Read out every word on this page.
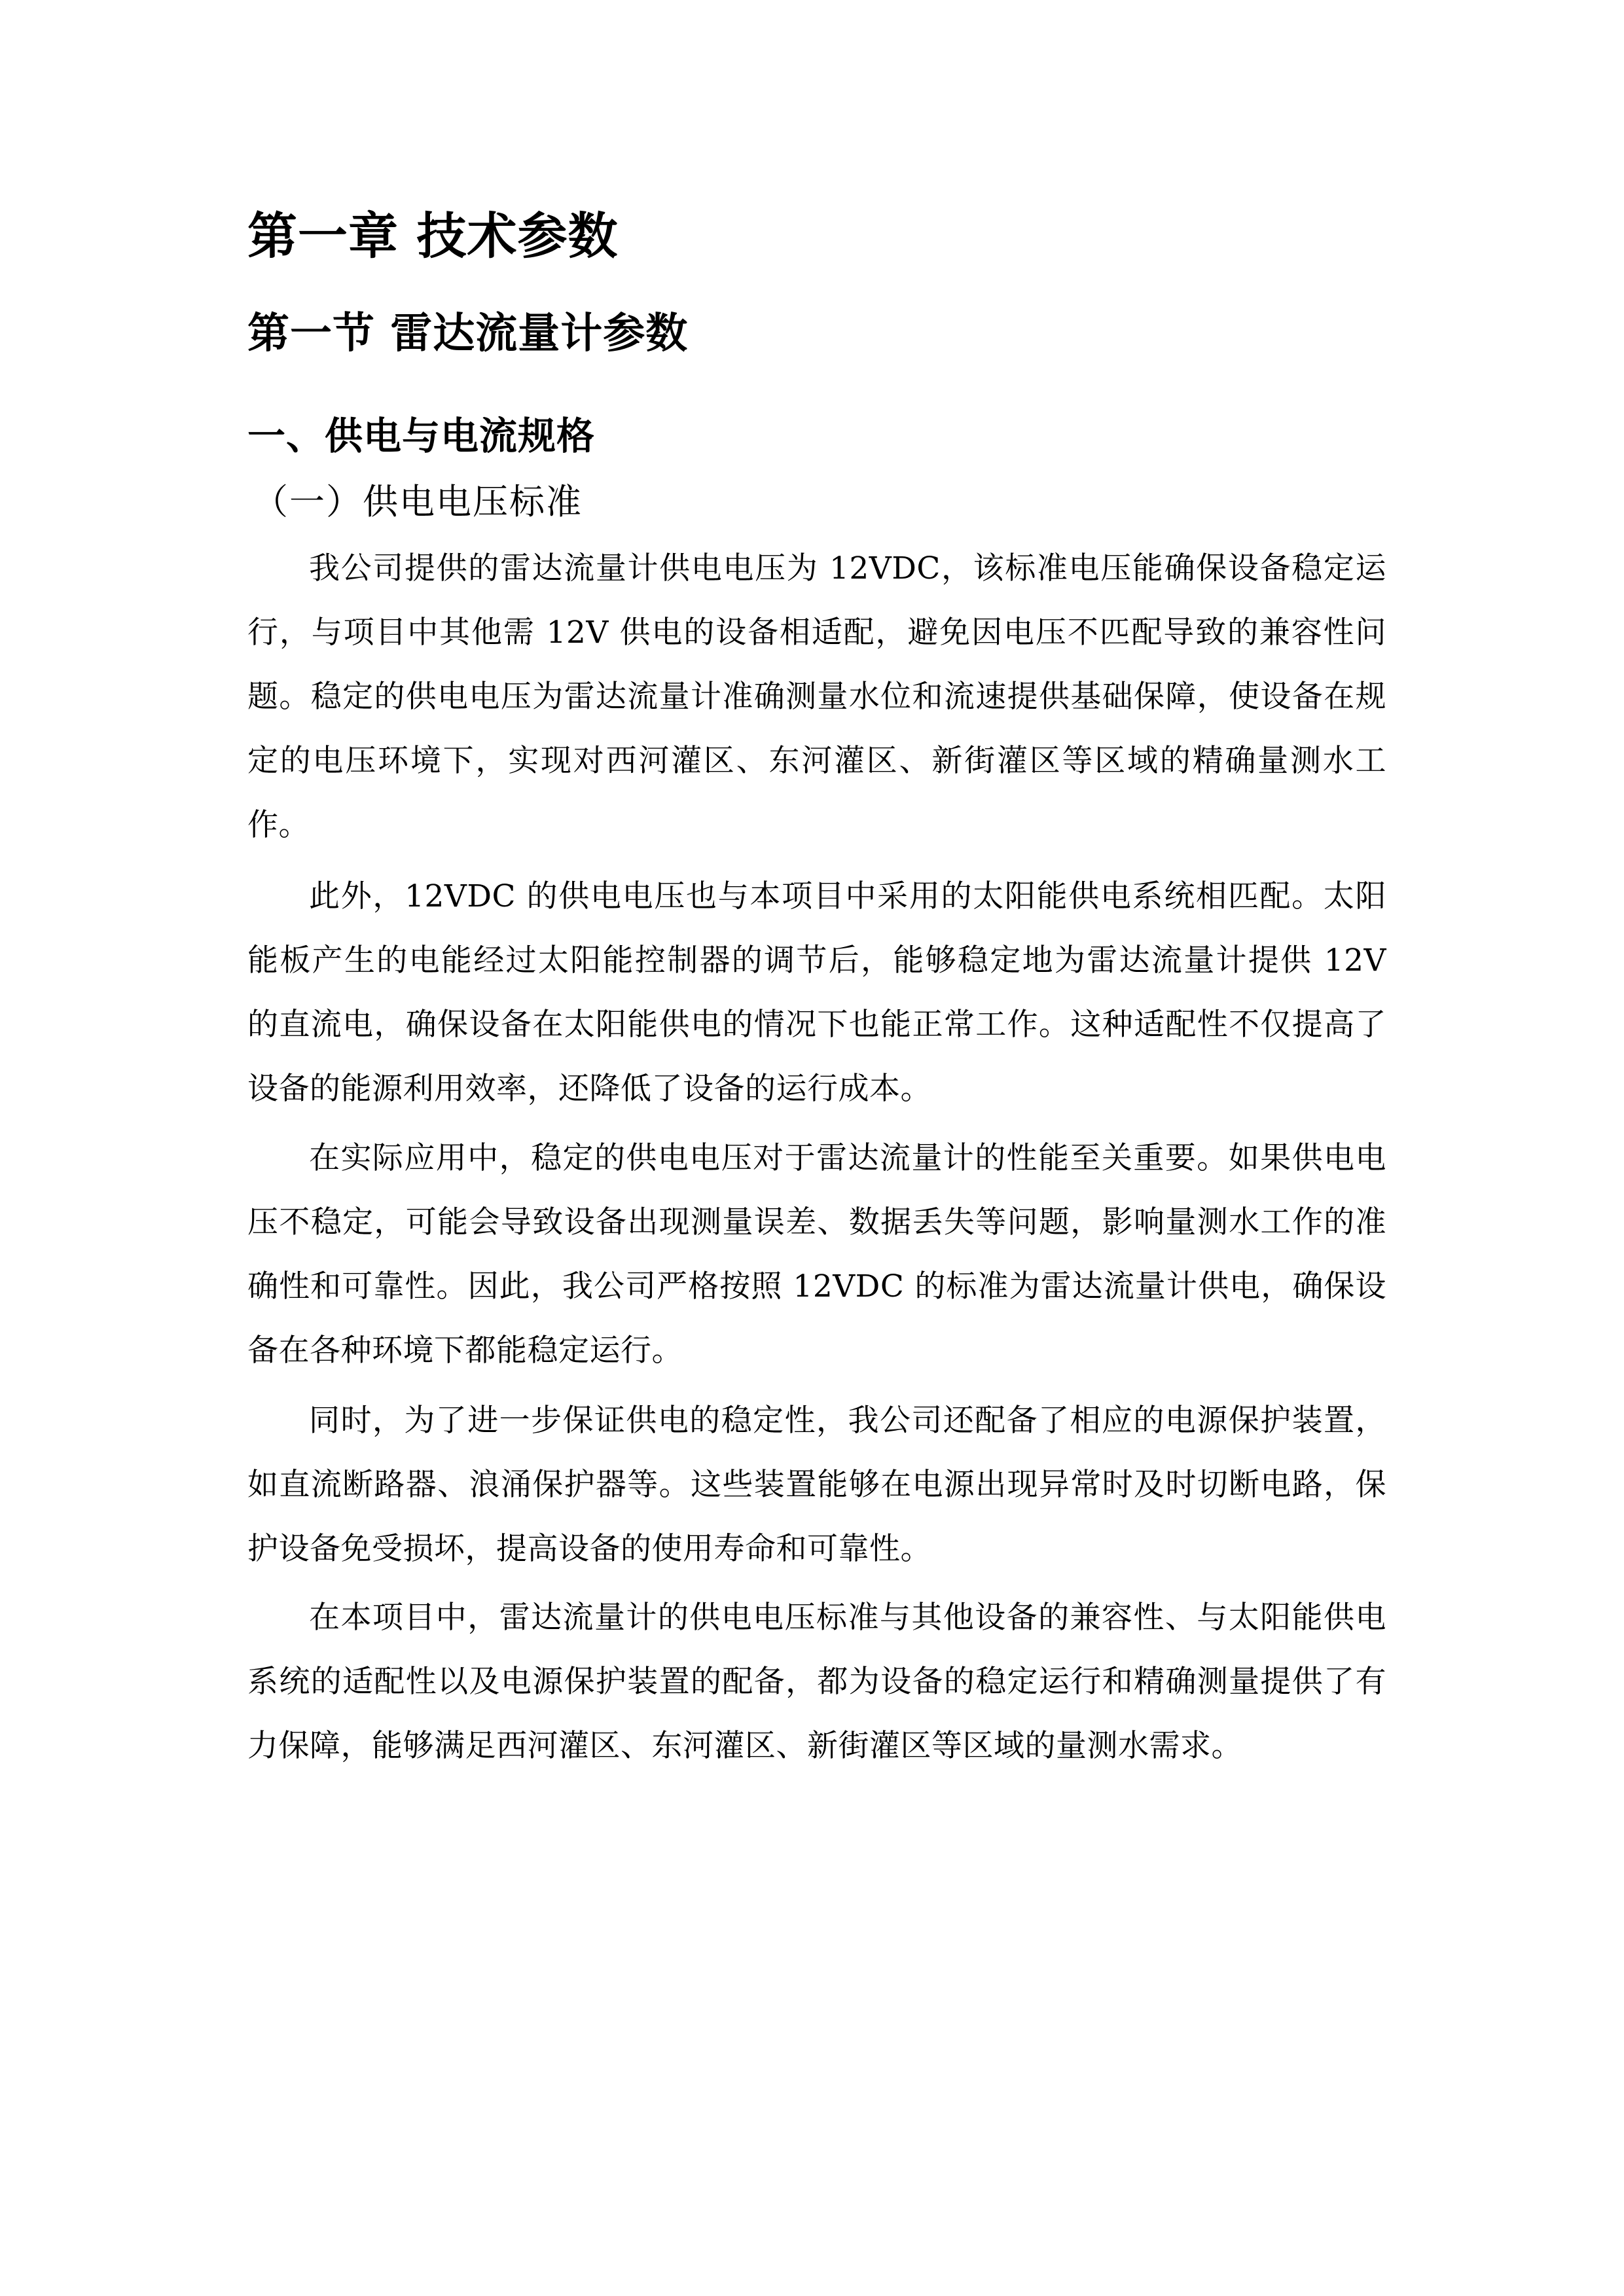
第一章 技术参数
第一节 雷达流量计参数
一、供电与电流规格
（一）供电电压标准

我公司提供的雷达流量计供电电压为 12VDC，该标准电压能确保设备稳定运行，与项目中其他需 12V 供电的设备相适配，避免因电压不匹配导致的兼容性问题。稳定的供电电压为雷达流量计准确测量水位和流速提供基础保障，使设备在规定的电压环境下，实现对西河灌区、东河灌区、新街灌区等区域的精确量测水工作。

此外，12VDC 的供电电压也与本项目中采用的太阳能供电系统相匹配。太阳能板产生的电能经过太阳能控制器的调节后，能够稳定地为雷达流量计提供 12V 的直流电，确保设备在太阳能供电的情况下也能正常工作。这种适配性不仅提高了设备的能源利用效率，还降低了设备的运行成本。

在实际应用中，稳定的供电电压对于雷达流量计的性能至关重要。如果供电电压不稳定，可能会导致设备出现测量误差、数据丢失等问题，影响量测水工作的准确性和可靠性。因此，我公司严格按照 12VDC 的标准为雷达流量计供电，确保设备在各种环境下都能稳定运行。

同时，为了进一步保证供电的稳定性，我公司还配备了相应的电源保护装置，如直流断路器、浪涌保护器等。这些装置能够在电源出现异常时及时切断电路，保护设备免受损坏，提高设备的使用寿命和可靠性。

在本项目中，雷达流量计的供电电压标准与其他设备的兼容性、与太阳能供电系统的适配性以及电源保护装置的配备，都为设备的稳定运行和精确测量提供了有力保障，能够满足西河灌区、东河灌区、新街灌区等区域的量测水需求。
